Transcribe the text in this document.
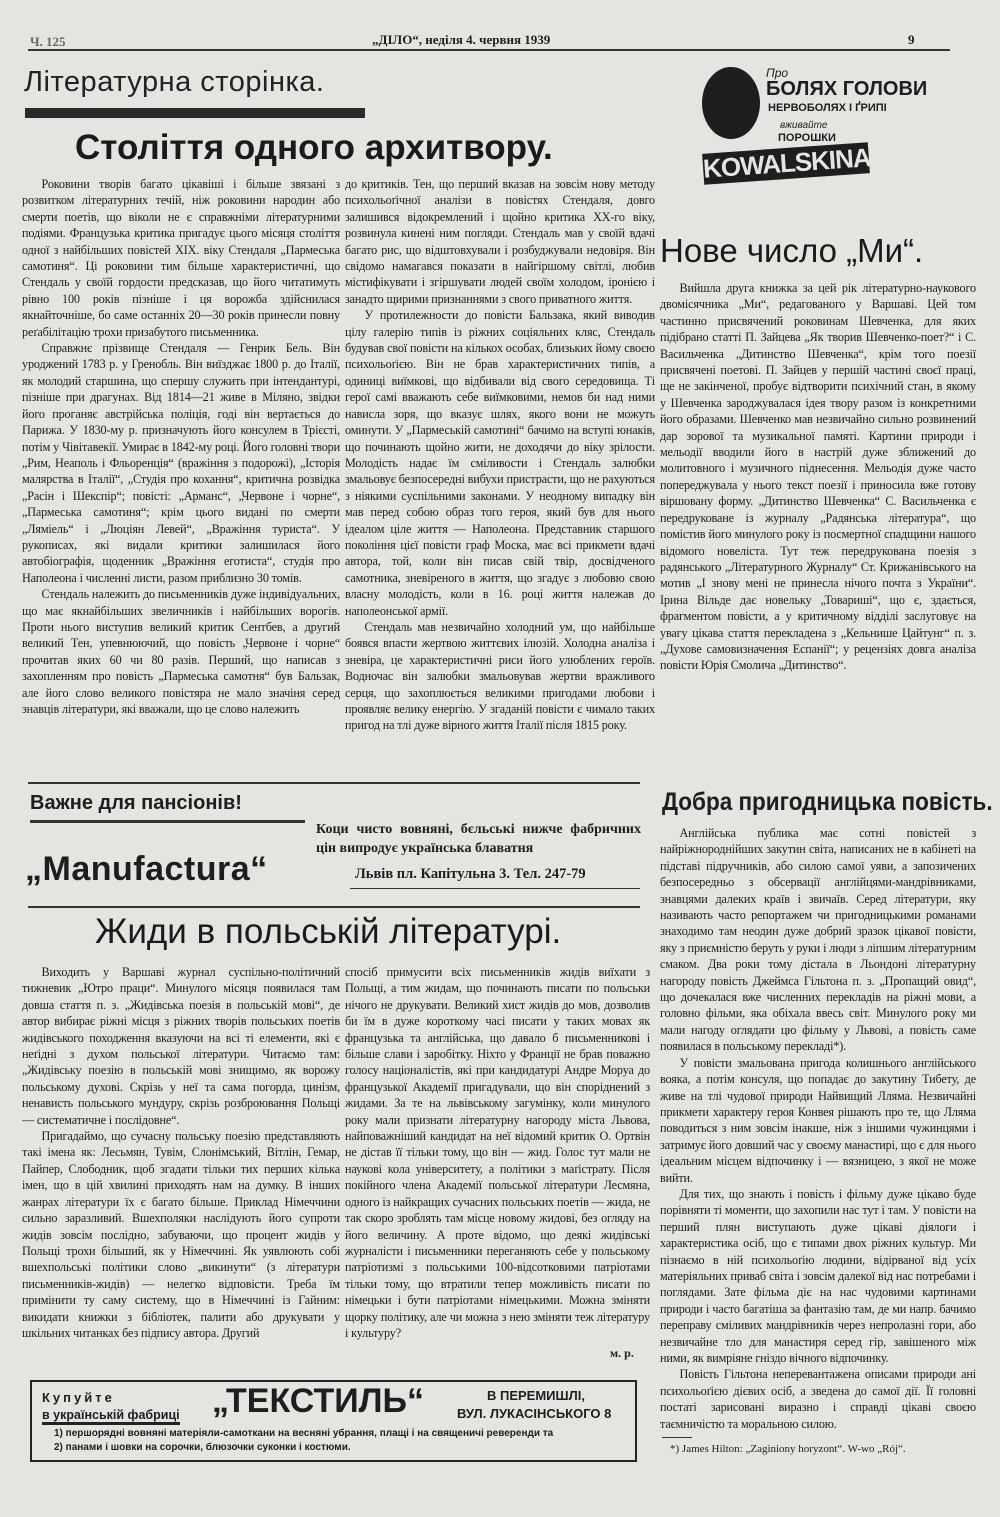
Ч. 125	„ДІЛО“, неділя 4. червня 1939	9
Літературна сторінка.
Століття одного архитвору.

Роковини творів багато цікавіші і більше звязані з розвитком літературних течій, ніж роковини народин або смерти поетів, що віколи не є справжніми літературними подіями. Французька критика пригадує цього місяця століття одної з найбільших повістей XIX. віку Стендаля „Пармеська самотиня“. Ці роковини тим більше характеристичні, що Стендаль у своїй гордости предсказав, що його читатимуть рівно 100 років пізніше і ця ворожба здійснилася якнайточніше, бо саме останніх 20—30 років принесли повну реґабілітацію трохи призабутого письменника.

Справжнє прізвище Стендаля — Генрик Бель. Він уроджений 1783 р. у Гренобль. Він виїзджає 1800 р. до Італії, як молодий старшина, що спершу служить при інтендантурі, пізніше при драгунах. Від 1814—21 живе в Міляно, звідки його проганяє австрійська поліція, годі він вертається до Парижа. У 1830-му р. призначують його консулем в Трієсті, потім у Чівітавекії. Умирає в 1842-му році. Його головні твори „Рим, Неаполь і Фльоренція“ (вражіння з подорожі), „Історія малярства в Італії“, „Студія про кохання“, критична розвідка „Расін і Шекспір“; повісті: „Арманс“, „Червоне і чорне“, „Пармеська самотиня“; крім цього видані по смерти „Ляміель“ і „Люціян Левей“, „Вражіння туриста“. У рукописах, які видали критики залишилася його автобіографія, щоденник „Вражіння еготиста“, студія про Наполеона і численні листи, разом приблизно 30 томів.

Стендаль належить до письменників дуже індивідуальних, що має якнайбільших звеличників і найбільших ворогів. Проти нього виступив великий критик Сентбев, а другий великий Тен, упевнюючий, що повість „Червоне і чорне“ прочитав яких 60 чи 80 разів. Перший, що написав з захопленням про повість „Пармеська самотня“ був Бальзак, але його слово великого повістяра не мало значіня серед знавців літератури, які вважали, що це слово належить

до критиків. Тен, що перший вказав на зовсім нову методу психольоґічної аналізи в повістях Стендаля, довго залишився відокремлений і щойно критика XX-го віку, розвинула кинені ним погляди. Стендаль мав у своїй вдачі багато рис, що відштовхували і розбуджували недовіря. Він свідомо намагався показати в найгіршому світлі, любив містифікувати і згіршувати людей своїм холодом, іронією і занадто щирими признаннями з свого приватного життя.

У протилежности до повісти Бальзака, який виводив цілу галерію типів із ріжних соціяльних кляс, Стендаль будував свої повісти на кількох особах, близьких йому своєю психольоґією. Він не брав характеристичних типів, а одиниці виїмкові, що відбивали від свого середовища. Ті герої самі вважають себе виїмковими, немов би над ними нависла зоря, що вказує шлях, якого вони не можуть оминути. У „Пармеській самотині“ бачимо на вступі юнаків, що починають щойно жити, не доходячи до віку зрілости. Молодість надає їм сміливости і Стендаль залюбки змальовує безпосередні вибухи пристрасти, що не рахуються з ніякими суспільними законами. У неодному випадку він мав перед собою образ того героя, який був для нього ідеалом ціле життя — Наполеона. Представник старшого покоління цієї повісти граф Моска, має всі прикмети вдачі автора, той, коли він писав свій твір, досвідченого самотника, зневіреного в життя, що згадує з любовю свою власну молодість, коли в 16. році життя належав до наполеонської армії.

Стендаль мав незвичайно холодний ум, що найбільше боявся впасти жертвою життєвих ілюзій. Холодна аналіза і зневіра, це характеристичні риси його улюблених героїв. Водночас він залюбки змальовував жертви вражливого серця, що захоплюється великими пригодами любови і проявляє велику енергію. У згаданій повісти є чимало таких пригод на тлі дуже вірного життя Італії після 1815 року.

Про
БОЛЯХ ГОЛОВИ
НЕРВОБОЛЯХ І ҐРИПІ
вживайте
ПОРОШКИ
KOWALSKINA
Нове число „Ми“.

Вийшла друга книжка за цей рік літературно-наукового двомісячника „Ми“, редагованого у Варшаві. Цей том частинно присвячений роковинам Шевченка, для яких підібрано статті П. Зайцева „Як творив Шевченко-поет?“ і С. Васильченка „Дитинство Шевченка“, крім того поезії присвячені поетові. П. Зайцев у першій частині своєї праці, ще не закінченої, пробує відтворити психічний стан, в якому у Шевченка зароджувалася ідея твору разом із конкретними його образами. Шевченко мав незвичайно сильно розвинений дар зорової та музикальної памяті. Картини природи і мельодії вводили його в настрій дуже зближений до молитовного і музичного піднесення. Мельодія дуже часто попереджувала у нього текст поезії і приносила вже готову віршовану форму. „Дитинство Шевченка“ С. Васильченка є передруковане із журналу „Радянська література“, що помістив його минулого року із посмертної спадщини нашого відомого новеліста. Тут теж передрукована поезія з радянського „Літературного Журналу“ Ст. Крижанівського на мотив „І знову мені не принесла нічого почта з України“. Ірина Вільде дає новельку „Товариші“, що є, здається, фрагментом повісти, а у критичному відділі заслуговує на увагу цікава стаття перекладена з „Кельнише Цайтунг“ п. з. „Духове самовизначення Еспанії“; у рецензіях довга аналіза повісти Юрія Смолича „Дитинство“.

Добра пригодницька повість.

Англійська публика має сотні повістей з найріжнороднійших закутин світа, написаних не в кабінеті на підставі підручників, або силою самої уяви, а запозичених безпосередньо з обсервації англійцями-мандрівниками, знавцями далеких країв і звичаїв. Серед літератури, яку називають часто репортажем чи пригодницькими романами знаходимо там неодин дуже добрий зразок цікавої повісти, яку з приємністю беруть у руки і люди з ліпшим літературним смаком. Два роки тому дістала в Льондоні літературну нагороду повість Джеймса Гільтона п. з. „Пропащий овид“, що дочекалася вже численних перекладів на ріжні мови, а головно фільми, яка обіхала ввесь світ. Минулого року ми мали нагоду оглядати цю фільму у Львові, а повість саме появилася в польському перекладі*).

У повісти змальована пригода колишнього англійського вояка, а потім консуля, що попадає до закутину Тибету, де живе на тлі чудової природи Найвищий Лляма. Незвичайні прикмети характеру героя Конвея рішають про те, що Лляма поводиться з ним зовсім інакше, ніж з іншими чужинцями і затримує його довший час у своєму манастирі, що є для нього ідеальним місцем відпочинку і — вязницею, з якої не може вийти.

Для тих, що знають і повість і фільму дуже цікаво буде порівняти ті моменти, що захопили нас тут і там. У повісти на перший плян виступають дуже цікаві діялоги і характеристика осіб, що є типами двох ріжних культур. Ми пізнаємо в ній психольоґію людини, відірваної від усіх матеріяльних приваб світа і зовсім далекої від нас потребами і поглядами. Зате фільма діє на нас чудовими картинами природи і часто багатіша за фантазію там, де ми напр. бачимо переправу сміливих мандрівників через непролазні гори, або незвичайне тло для манастиря серед гір, завішеного між ними, як вимріяне гніздо вічного відпочинку.

Повість Гільтона неперевантажена описами природи ані психольоґією дієвих осіб, а зведена до самої дії. Її головні постаті зарисовані виразно і справді цікаві своєю таємничістю та моральною силою.

*) James Hilton: „Zaginiony horyzont“. W-wo „Rój“.
Важне для пансіонів!
Коци чисто вовняні, бєльські нижче фабричних цін випродує українська блаватня
„Manufactura“	Львів пл. Капітульна 3. Тел. 247-79
Жиди в польській літературі.

Виходить у Варшаві журнал суспільно-політичний тижневик „Ютро праци“. Минулого місяця появилася там довша стаття п. з. „Жидівська поезія в польській мові“, де автор вибирає ріжні місця з ріжних творів польських поетів жидівського походження вказуючи на всі ті елементи, які є неґідні з духом польської літератури. Читаємо там: „Жидівську поезію в польській мові знищимо, як ворожу польському духові. Скрізь у неї та сама погорда, цинізм, ненависть польського мундуру, скрізь розброювання Польщі — систематичне і послідовне“.

Пригадаймо, що сучасну польську поезію представляють такі імена як: Лесьмян, Тувім, Слонімський, Вітлін, Гемар, Пайпер, Слободник, щоб згадати тільки тих перших кілька імен, що в цій хвилині приходять нам на думку. В інших жанрах літератури їх є багато більше. Приклад Німеччини сильно заразливий. Вшехполяки наслідують його супроти жидів зовсім послідно, забуваючи, що процент жидів у Польщі трохи більший, як у Німеччині. Як уявлюють собі вшехпольські політики слово „викинути“ (з літератури письменників-жидів) — нелегко відповісти. Треба їм примінити ту саму систему, що в Німеччині із Гайним: викидати книжки з бібліотек, палити або друкувати у шкільних читанках без підпису автора. Другий

спосіб примусити всіх письменників жидів виїхати з Польщі, а тим жидам, що починають писати по польськи нічого не друкувати. Великий хист жидів до мов, дозволив би їм в дуже короткому часі писати у таких мовах як французька та англійська, що давало б письменникові і більше слави і заробітку. Ніхто у Франції не брав поважно голосу націоналістів, які при кандидатурі Андре Моруа до французької Академії пригадували, що він споріднений з жидами. За те на львівському загумінку, коли минулого року мали признати літературну нагороду міста Львова, найповажніший кандидат на неї відомий критик О. Ортвін не дістав її тільки тому, що він — жид. Голос тут мали не наукові кола університету, а політики з маґістрату. Після покійного члена Академії польської літератури Лесмяна, одного із найкращих сучасних польських поетів — жида, не так скоро зроблять там місце новому жидові, без огляду на його величину. А проте відомо, що деякі жидівські журналісти і письменники переганяють себе у польському патріотизмі з польськими 100-відсотковими патріотами тільки тому, що втратили тепер можливість писати по німецьки і бути патріотами німецькими. Можна зміняти щорку політику, але чи можна з нею зміняти теж літературу і культуру?

м. р.
Купуйте
в українській фабриці „ТЕКСТИЛЬ“	В ПЕРЕМИШЛІ,
ВУЛ. ЛУКАСІНСЬКОГО 8
1) першорядні вовняні матеріяли-самоткани на весняні убрання, плащі і на священичі реверенди та
2) панами і шовки на сорочки, блюзочки суконки і костюми.
